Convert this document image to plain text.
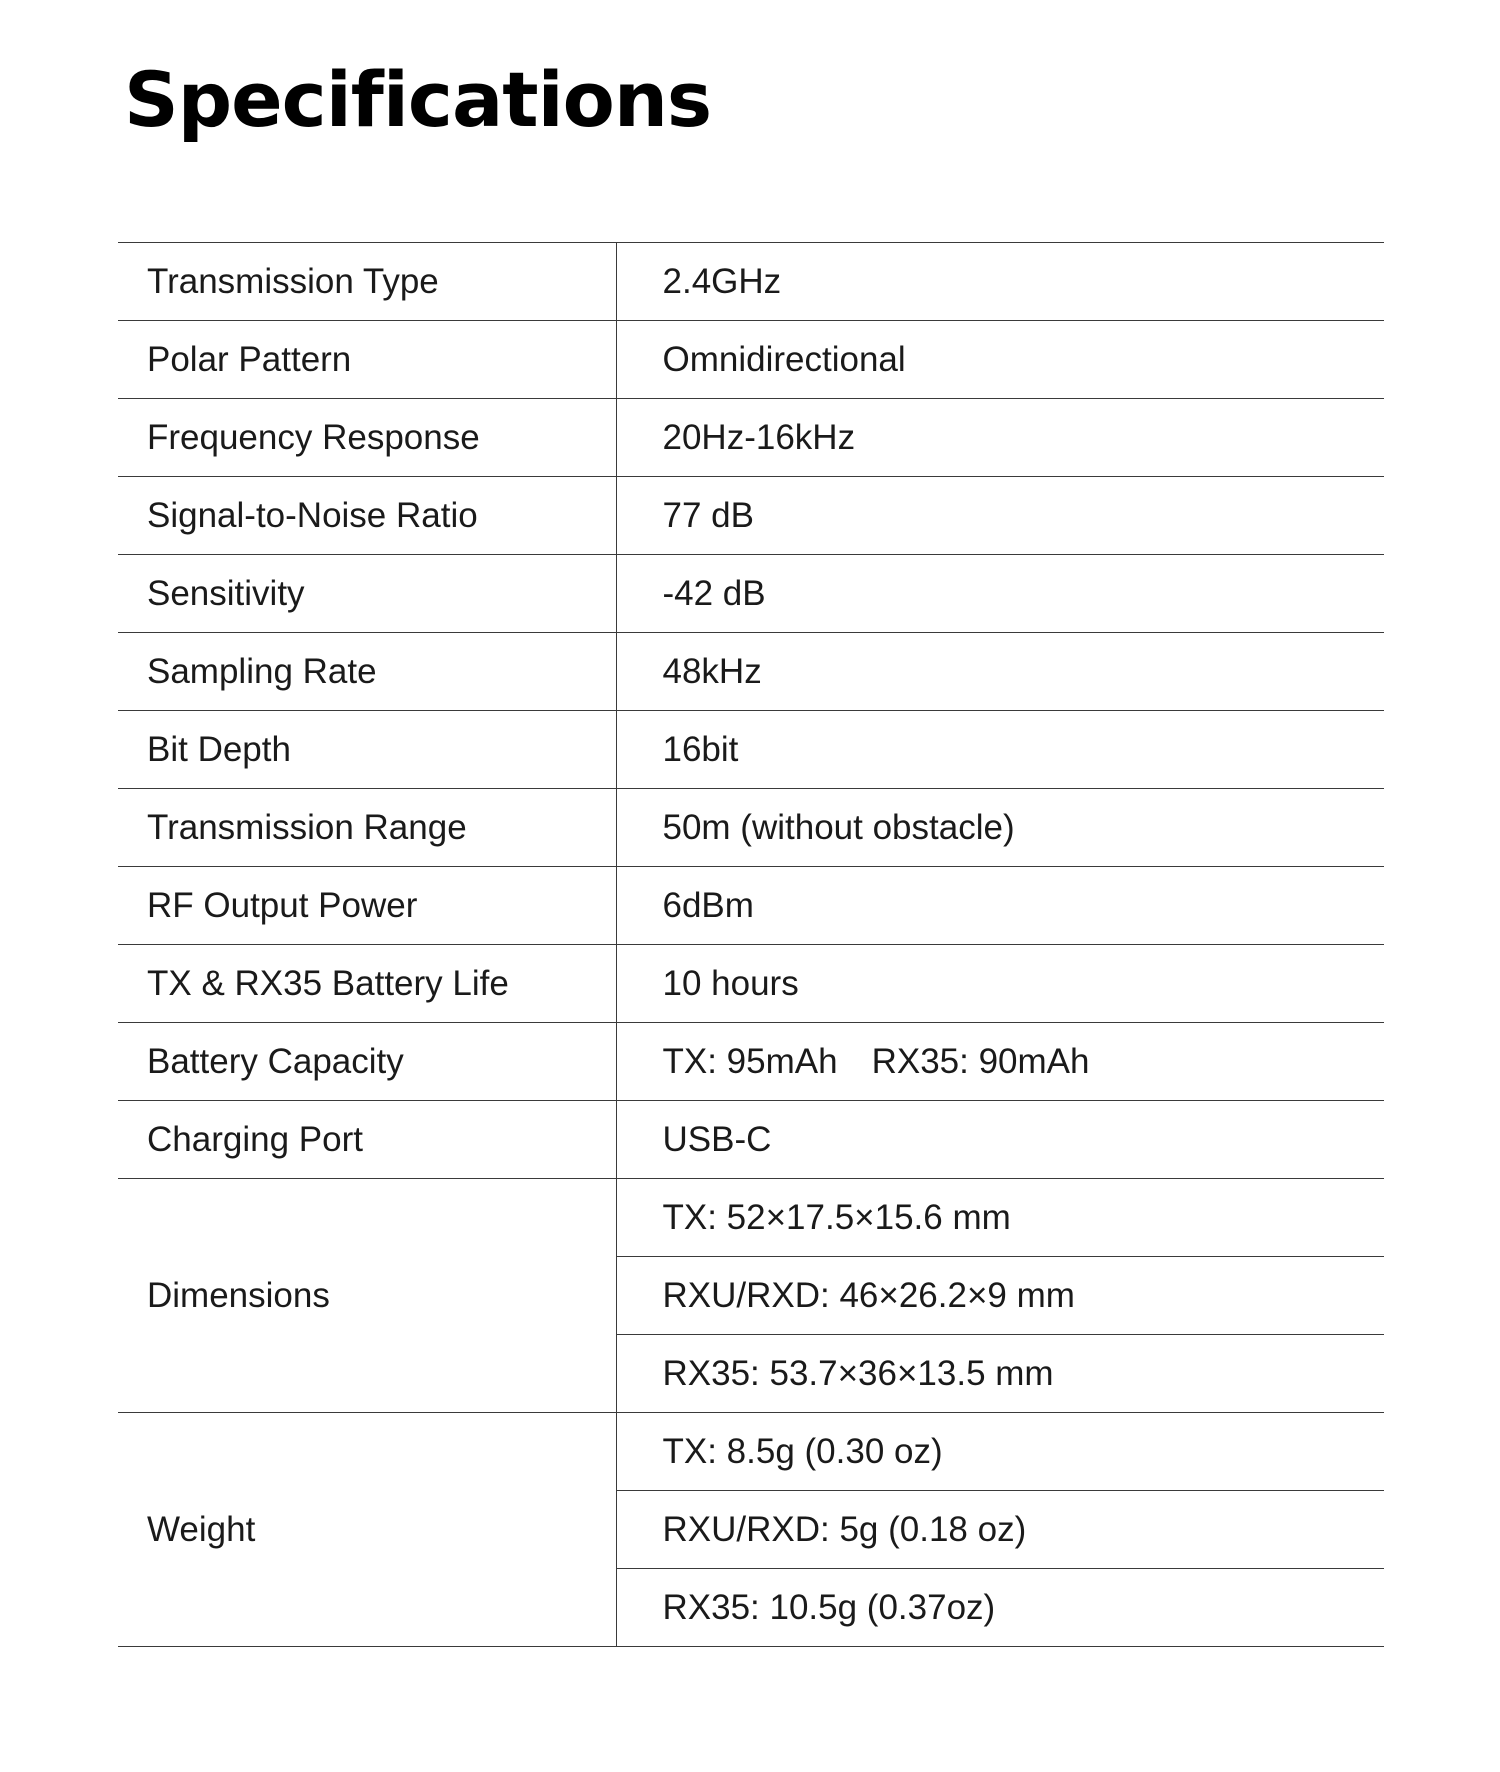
Specifications
Transmission Type	2.4GHz
Polar Pattern	Omnidirectional
Frequency Response	20Hz-16kHz
Signal-to-Noise Ratio	77 dB
Sensitivity	-42 dB
Sampling Rate	48kHz
Bit Depth	16bit
Transmission Range	50m (without obstacle)
RF Output Power	6dBm
TX & RX35 Battery Life	10 hours
Battery Capacity	TX: 95mAh RX35: 90mAh
Charging Port	USB-C
Dimensions	TX: 52×17.5×15.6 mm
	RXU/RXD: 46×26.2×9 mm
	RX35: 53.7×36×13.5 mm
Weight	TX: 8.5g (0.30 oz)
	RXU/RXD: 5g (0.18 oz)
	RX35: 10.5g (0.37oz)
